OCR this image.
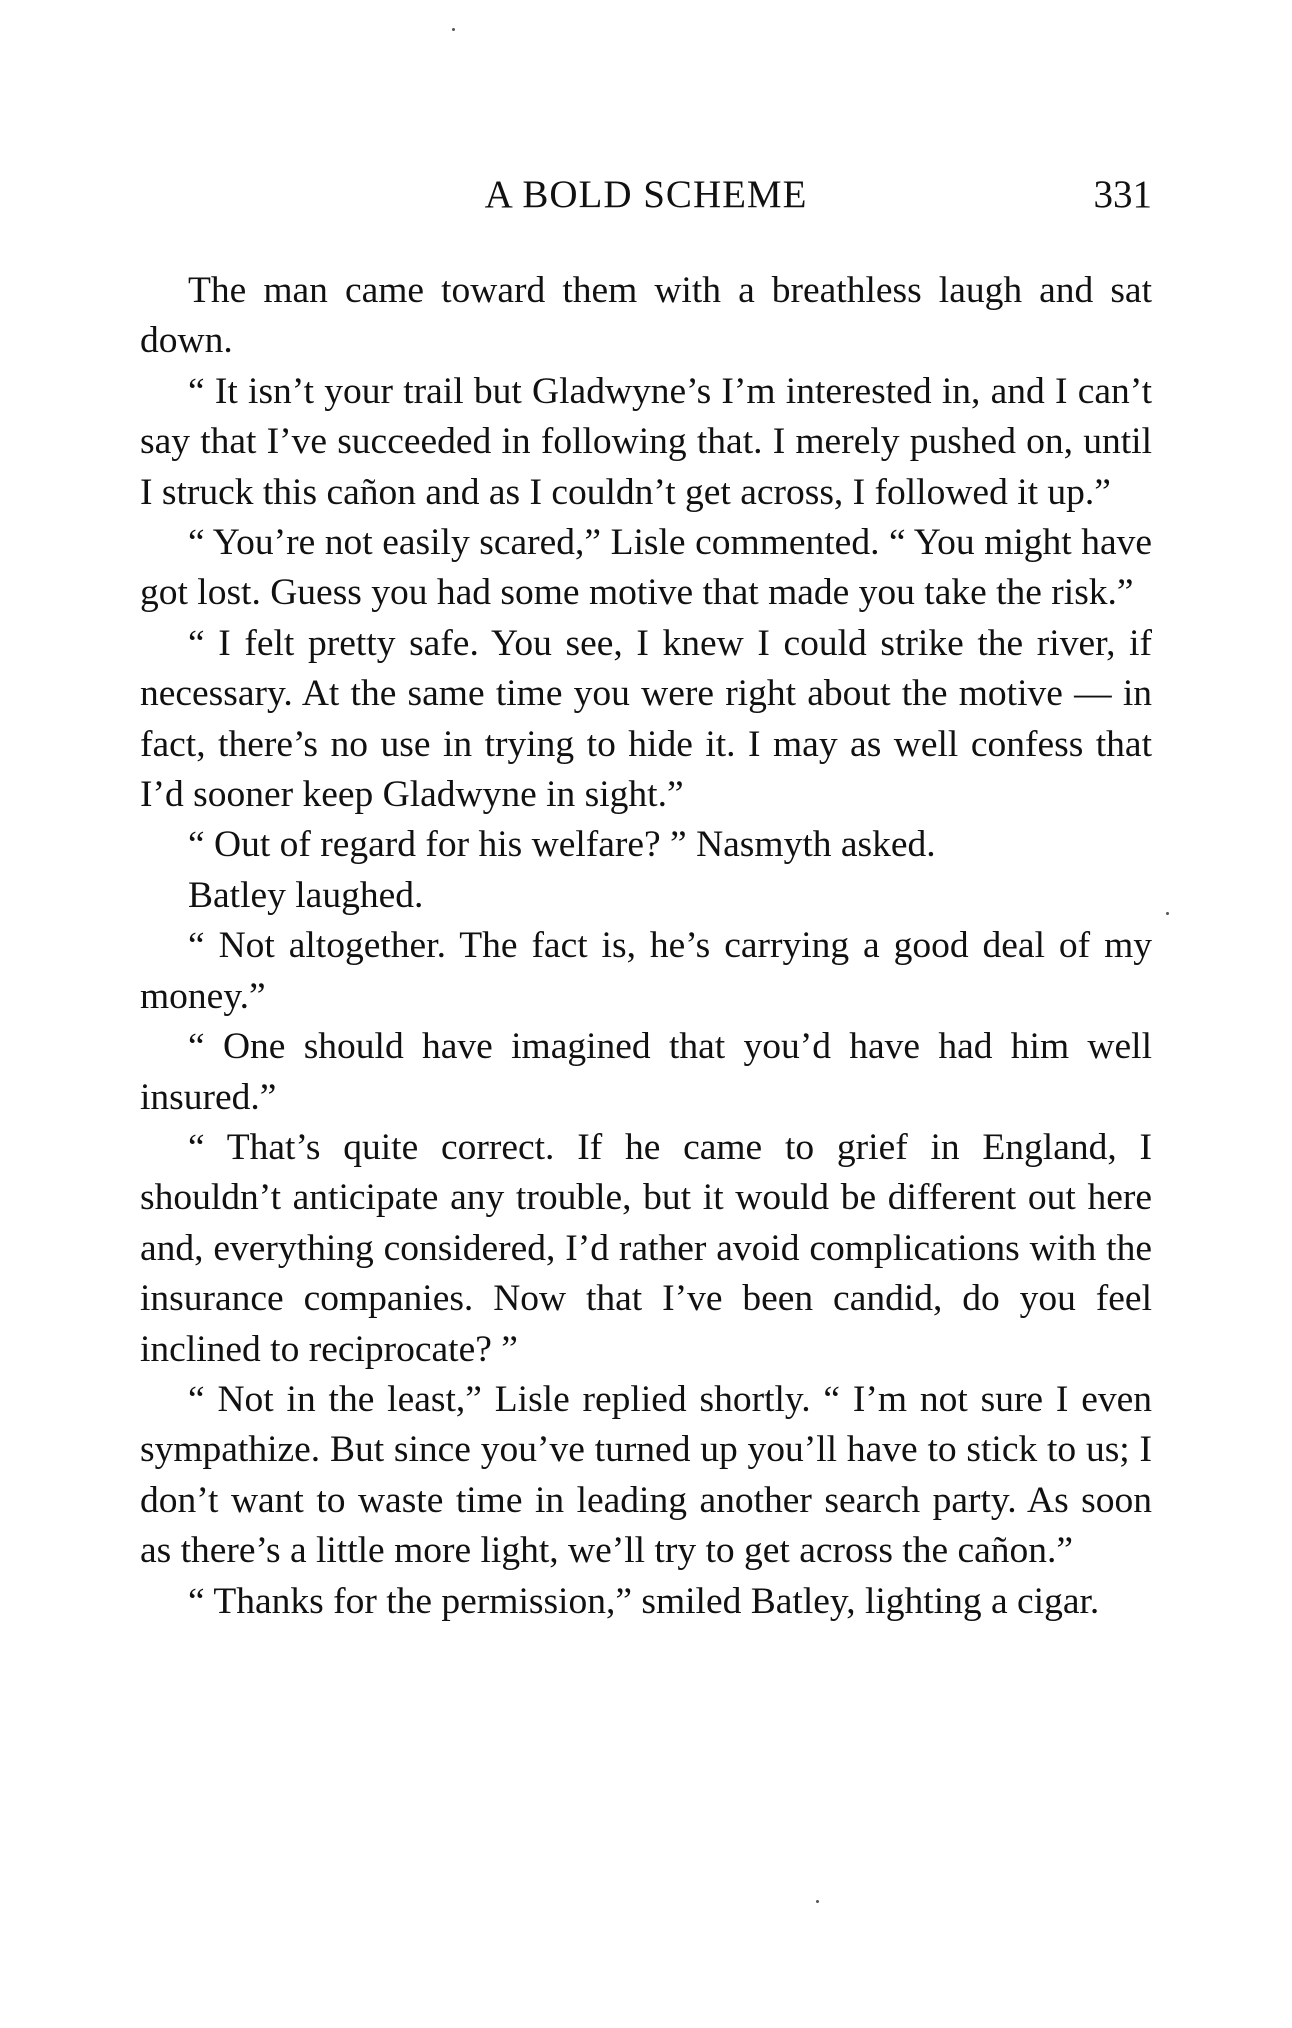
A BOLD SCHEME	331

The man came toward them with a breathless laugh and sat down.

“ It isn’t your trail but Gladwyne’s I’m interested in, and I can’t say that I’ve succeeded in following that. I merely pushed on, until I struck this cañon and as I couldn’t get across, I followed it up.”

“ You’re not easily scared,” Lisle commented. “ You might have got lost. Guess you had some motive that made you take the risk.”

“ I felt pretty safe. You see, I knew I could strike the river, if necessary. At the same time you were right about the motive — in fact, there’s no use in trying to hide it. I may as well confess that I’d sooner keep Gladwyne in sight.”

“ Out of regard for his welfare? ” Nasmyth asked.

Batley laughed.

“ Not altogether. The fact is, he’s carrying a good deal of my money.”

“ One should have imagined that you’d have had him well insured.”

“ That’s quite correct. If he came to grief in England, I shouldn’t anticipate any trouble, but it would be different out here and, everything considered, I’d rather avoid complications with the insurance companies. Now that I’ve been candid, do you feel inclined to reciprocate? ”

“ Not in the least,” Lisle replied shortly. “ I’m not sure I even sympathize. But since you’ve turned up you’ll have to stick to us; I don’t want to waste time in leading another search party. As soon as there’s a little more light, we’ll try to get across the cañon.”

“ Thanks for the permission,” smiled Batley, lighting a cigar.
